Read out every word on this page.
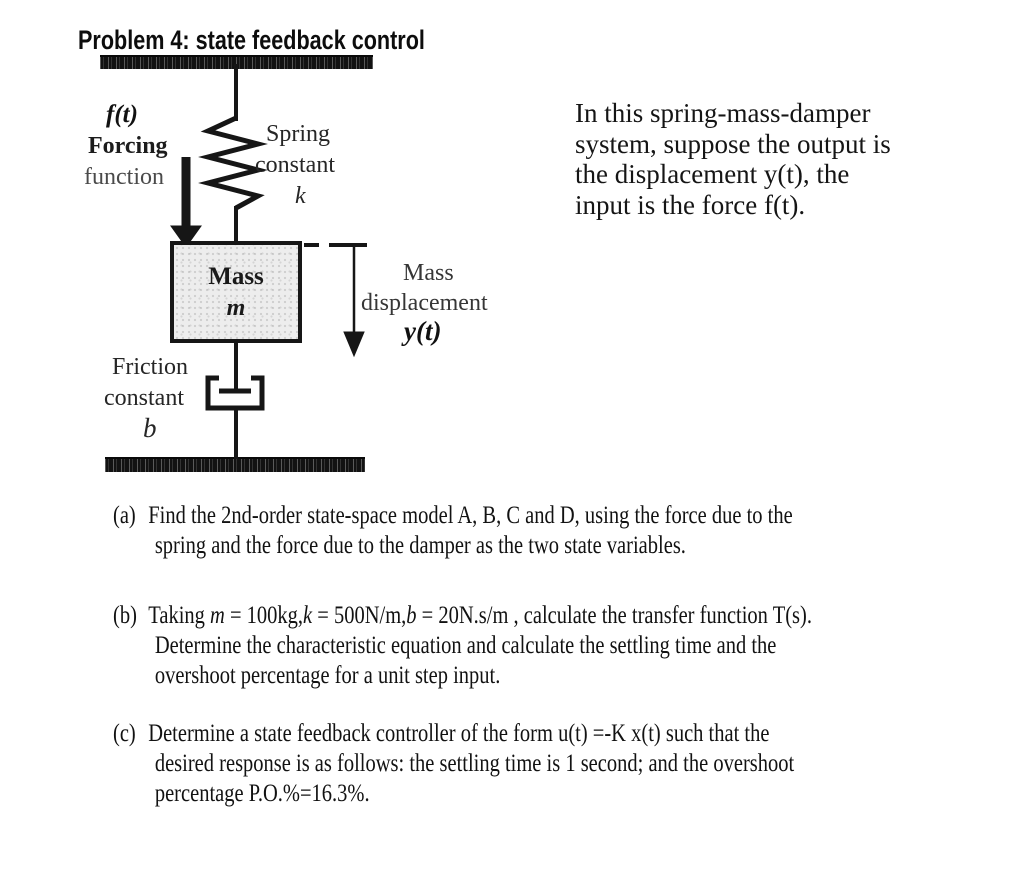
Problem 4: state feedback control
Mass
m
f(t)
Forcing
function
Spring
constant
k
Mass
displacement
y(t)
Friction
constant
b
In this spring-mass-damper
system, suppose the output is
the displacement y(t), the
input is the force f(t).
(a) Find the 2nd-order state-space model A, B, C and D, using the force due to the
spring and the force due to the damper as the two state variables.
(b) Taking m = 100kg,k = 500N/m,b = 20N.s/m , calculate the transfer function T(s).
Determine the characteristic equation and calculate the settling time and the
overshoot percentage for a unit step input.
(c) Determine a state feedback controller of the form u(t) =-K x(t) such that the
desired response is as follows: the settling time is 1 second; and the overshoot
percentage P.O.%=16.3%.
